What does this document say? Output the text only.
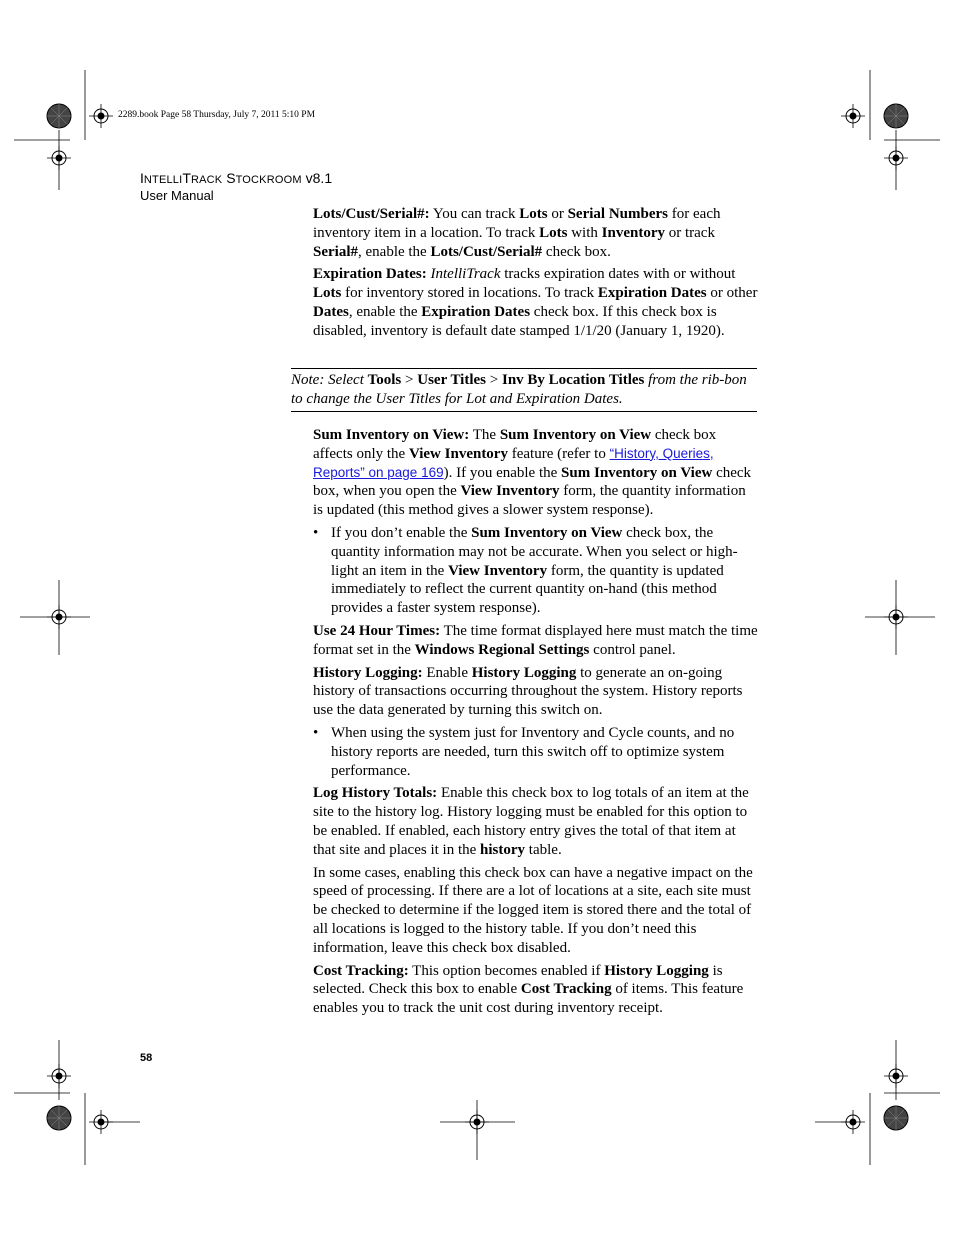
2289.book Page 58 Thursday, July 7, 2011 5:10 PM
INTELLITRACK STOCKROOM v8.1
User Manual

Lots/Cust/Serial#: You can track Lots or Serial Numbers for each inventory item in a location. To track Lots with Inventory or track Serial#, enable the Lots/Cust/Serial# check box.

Expiration Dates: IntelliTrack tracks expiration dates with or without Lots for inventory stored in locations. To track Expiration Dates or other Dates, enable the Expiration Dates check box. If this check box is disabled, inventory is default date stamped 1/1/20 (January 1, 1920).

Note: Select Tools > User Titles > Inv By Location Titles from the rib-bon to change the User Titles for Lot and Expiration Dates.

Sum Inventory on View: The Sum Inventory on View check box affects only the View Inventory feature (refer to “History, Queries, Reports” on page 169). If you enable the Sum Inventory on View check box, when you open the View Inventory form, the quantity information is updated (this method gives a slower system response).

• If you don’t enable the Sum Inventory on View check box, the quantity information may not be accurate. When you select or high-light an item in the View Inventory form, the quantity is updated immediately to reflect the current quantity on-hand (this method provides a faster system response).

Use 24 Hour Times: The time format displayed here must match the time format set in the Windows Regional Settings control panel.

History Logging: Enable History Logging to generate an on-going history of transactions occurring throughout the system. History reports use the data generated by turning this switch on.

• When using the system just for Inventory and Cycle counts, and no history reports are needed, turn this switch off to optimize system performance.

Log History Totals: Enable this check box to log totals of an item at the site to the history log. History logging must be enabled for this option to be enabled. If enabled, each history entry gives the total of that item at that site and places it in the history table.

In some cases, enabling this check box can have a negative impact on the speed of processing. If there are a lot of locations at a site, each site must be checked to determine if the logged item is stored there and the total of all locations is logged to the history table. If you don’t need this information, leave this check box disabled.

Cost Tracking: This option becomes enabled if History Logging is selected. Check this box to enable Cost Tracking of items. This feature enables you to track the unit cost during inventory receipt.

58
